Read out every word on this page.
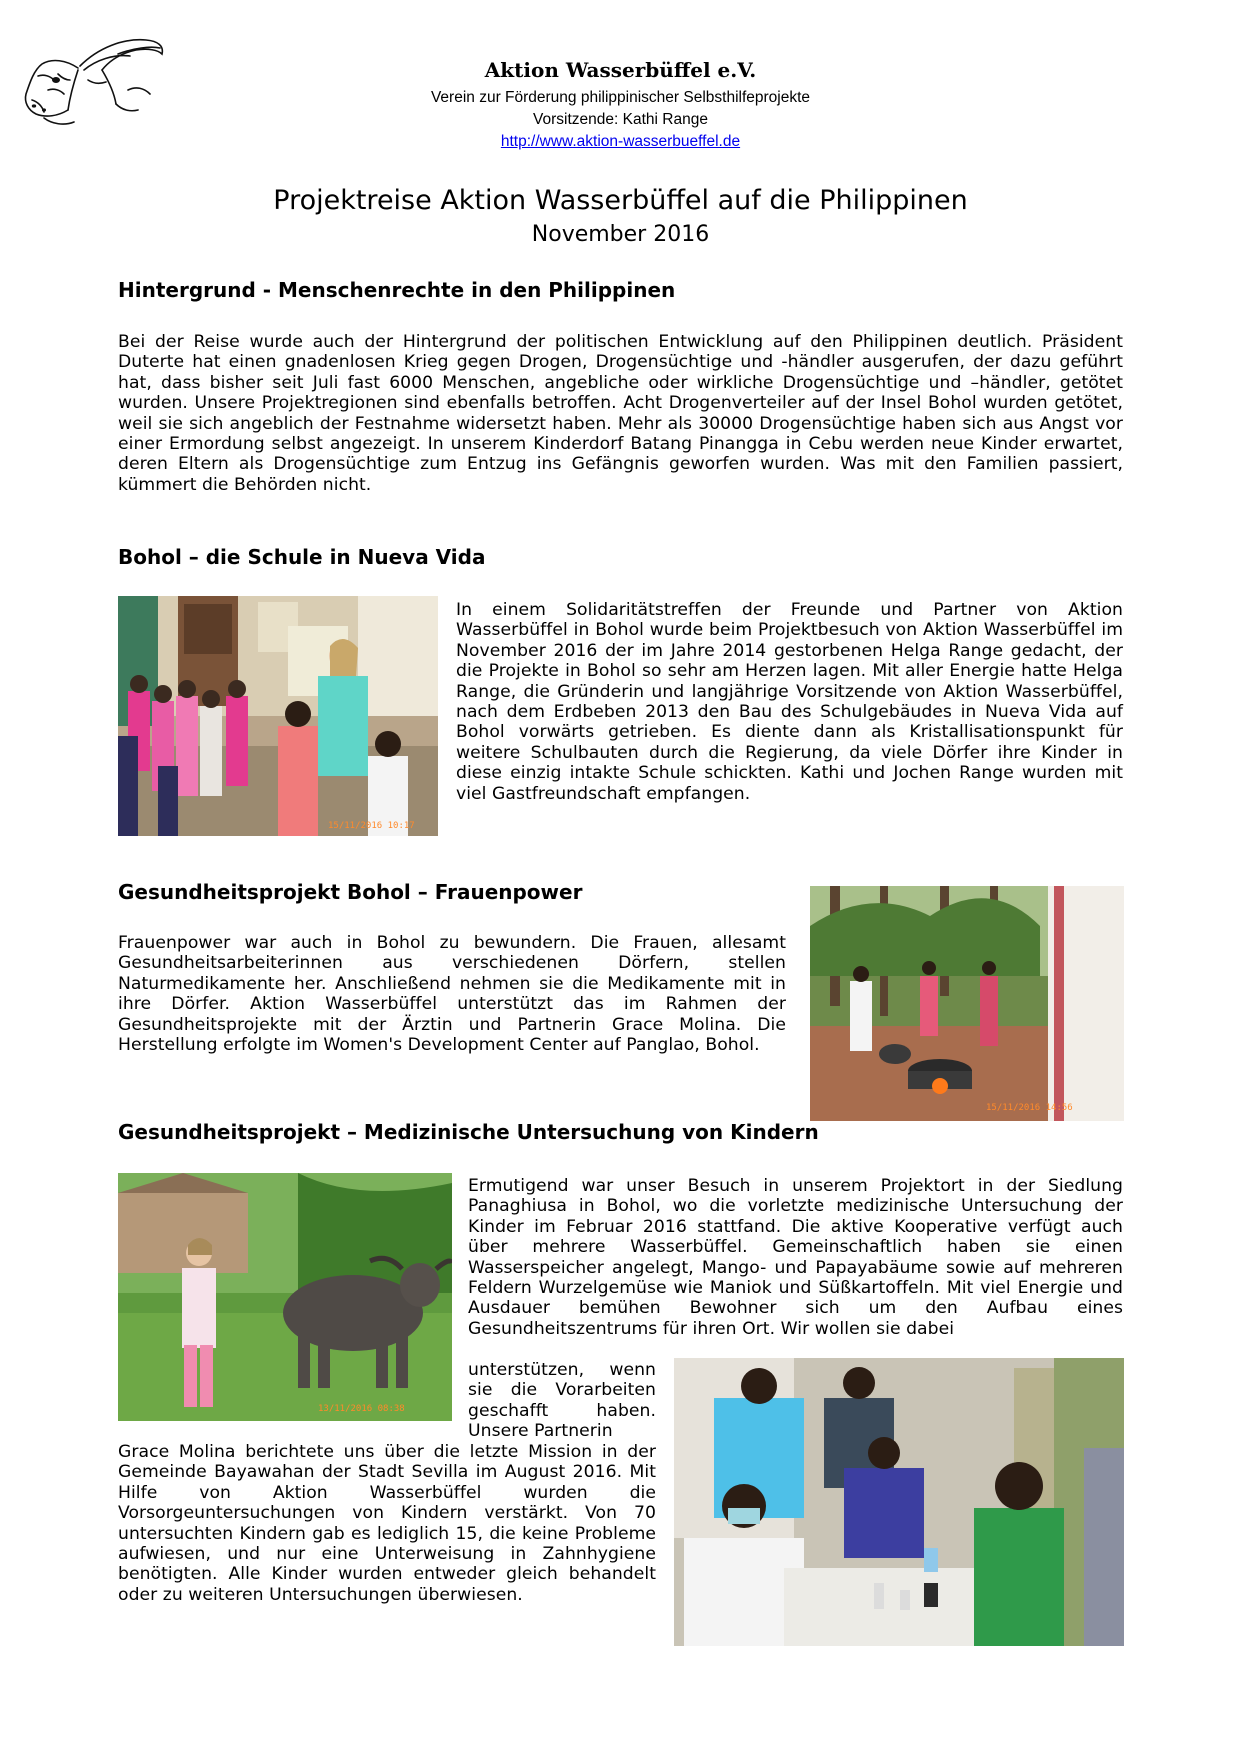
Aktion Wasserbüffel e.V.
Verein zur Förderung philippinischer Selbsthilfeprojekte
Vorsitzende: Kathi Range
http://www.aktion-wasserbueffel.de
Projektreise Aktion Wasserbüffel auf die Philippinen
November 2016
Hintergrund - Menschenrechte in den Philippinen
Bei der Reise wurde auch der Hintergrund der politischen Entwicklung auf den Philippinen deutlich. Präsident Duterte hat einen gnadenlosen Krieg gegen Drogen, Drogensüchtige und -händler ausgerufen, der dazu geführt hat, dass bisher seit Juli fast 6000 Menschen, angebliche oder wirkliche Drogensüchtige und –händler, getötet wurden. Unsere Projektregionen sind ebenfalls betroffen. Acht Drogenverteiler auf der Insel Bohol wurden getötet, weil sie sich angeblich der Festnahme widersetzt haben. Mehr als 30000 Drogensüchtige haben sich aus Angst vor einer Ermordung selbst angezeigt. In unserem Kinderdorf Batang Pinangga in Cebu werden neue Kinder erwartet, deren Eltern als Drogensüchtige zum Entzug ins Gefängnis geworfen wurden. Was mit den Familien passiert, kümmert die Behörden nicht.
Bohol – die Schule in Nueva Vida
15/11/2016 10:17
In einem Solidaritätstreffen der Freunde und Partner von Aktion Wasserbüffel in Bohol wurde beim Projektbesuch von Aktion Wasserbüffel im November 2016 der im Jahre 2014 gestorbenen Helga Range gedacht, der die Projekte in Bohol so sehr am Herzen lagen. Mit aller Energie hatte Helga Range, die Gründerin und langjährige Vorsitzende von Aktion Wasserbüffel, nach dem Erdbeben 2013 den Bau des Schulgebäudes in Nueva Vida auf Bohol vorwärts getrieben. Es diente dann als Kristallisationspunkt für weitere Schulbauten durch die Regierung, da viele Dörfer ihre Kinder in diese einzig intakte Schule schickten. Kathi und Jochen Range wurden mit viel Gastfreundschaft empfangen.
Gesundheitsprojekt Bohol – Frauenpower
Frauenpower war auch in Bohol zu bewundern. Die Frauen, allesamt Gesundheitsarbeiterinnen aus verschiedenen Dörfern, stellen Naturmedikamente her. Anschließend nehmen sie die Medikamente mit in ihre Dörfer. Aktion Wasserbüffel unterstützt das im Rahmen der Gesundheitsprojekte mit der Ärztin und Partnerin Grace Molina. Die Herstellung erfolgte im Women's Development Center auf Panglao, Bohol.
15/11/2016 14:56
Gesundheitsprojekt – Medizinische Untersuchung von Kindern
13/11/2016 08:38
Ermutigend war unser Besuch in unserem Projektort in der Siedlung Panaghiusa in Bohol, wo die vorletzte medizinische Untersuchung der Kinder im Februar 2016 stattfand. Die aktive Kooperative verfügt auch über mehrere Wasserbüffel. Gemeinschaftlich haben sie einen Wasserspeicher angelegt, Mango- und Papayabäume sowie auf mehreren Feldern Wurzelgemüse wie Maniok und Süßkartoffeln. Mit viel Energie und Ausdauer bemühen Bewohner sich um den Aufbau eines Gesundheitszentrums für ihren Ort. Wir wollen sie dabei
unterstützen, wenn sie die Vorarbeiten geschafft haben. Unsere Partnerin
Grace Molina berichtete uns über die letzte Mission in der Gemeinde Bayawahan der Stadt Sevilla im August 2016. Mit Hilfe von Aktion Wasserbüffel wurden die Vorsorgeuntersuchungen von Kindern verstärkt. Von 70 untersuchten Kindern gab es lediglich 15, die keine Probleme aufwiesen, und nur eine Unterweisung in Zahnhygiene benötigten. Alle Kinder wurden entweder gleich behandelt oder zu weiteren Untersuchungen überwiesen.
